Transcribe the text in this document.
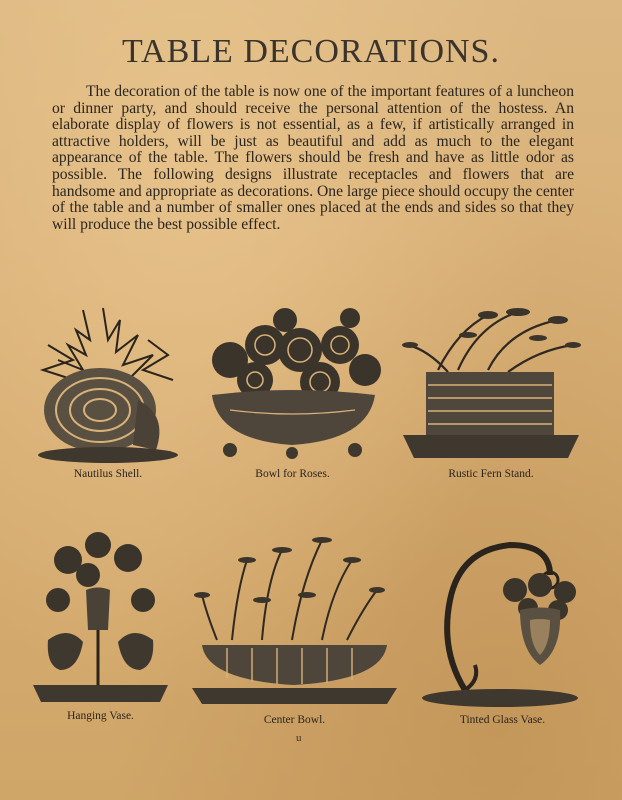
TABLE DECORATIONS.

The decoration of the table is now one of the important features of a luncheon or dinner party, and should receive the personal attention of the hostess. An elaborate display of flowers is not essential, as a few, if artistically arranged in attractive holders, will be just as beautiful and add as much to the elegant appearance of the table. The flowers should be fresh and have as little odor as possible. The following designs illustrate receptacles and flowers that are handsome and appropriate as decorations. One large piece should occupy the center of the table and a number of smaller ones placed at the ends and sides so that they will produce the best possible effect.

Nautilus Shell.	Bowl for Roses.	Rustic Fern Stand.
Hanging Vase.	Center Bowl.	Tinted Glass Vase.
u
